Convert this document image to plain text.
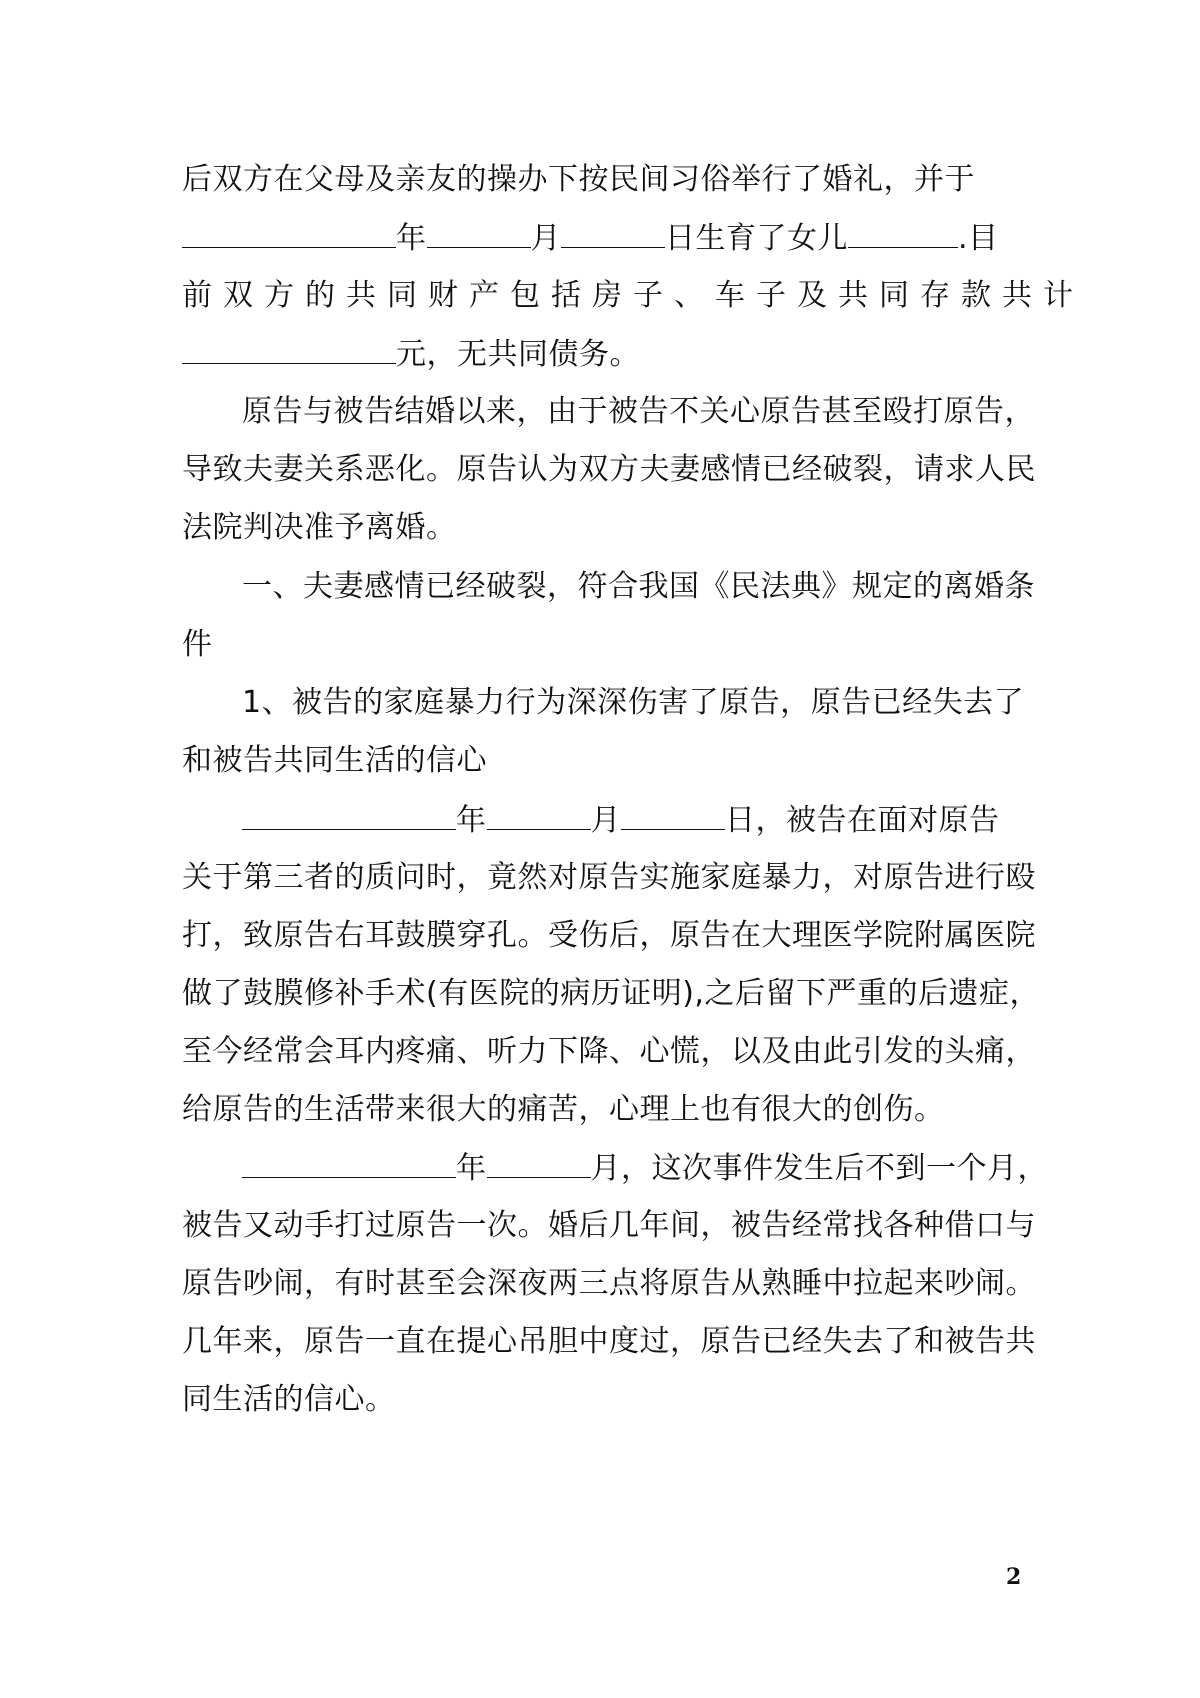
后双方在父母及亲友的操办下按民间习俗举行了婚礼，并于
年	月	日生育了女儿	.目
前双方的共同财产包括房子、车子及共同存款共计
元，无共同债务。
原告与被告结婚以来，由于被告不关心原告甚至殴打原告，
导致夫妻关系恶化。原告认为双方夫妻感情已经破裂，请求人民
法院判决准予离婚。
一、夫妻感情已经破裂，符合我国《民法典》规定的离婚条
件
1、被告的家庭暴力行为深深伤害了原告，原告已经失去了
和被告共同生活的信心
年	月	日，被告在面对原告
关于第三者的质问时，竟然对原告实施家庭暴力，对原告进行殴
打，致原告右耳鼓膜穿孔。受伤后，原告在大理医学院附属医院
做了鼓膜修补手术(有医院的病历证明),之后留下严重的后遗症，
至今经常会耳内疼痛、听力下降、心慌，以及由此引发的头痛，
给原告的生活带来很大的痛苦，心理上也有很大的创伤。
年	月，这次事件发生后不到一个月，
被告又动手打过原告一次。婚后几年间，被告经常找各种借口与
原告吵闹，有时甚至会深夜两三点将原告从熟睡中拉起来吵闹。
几年来，原告一直在提心吊胆中度过，原告已经失去了和被告共
同生活的信心。
2
